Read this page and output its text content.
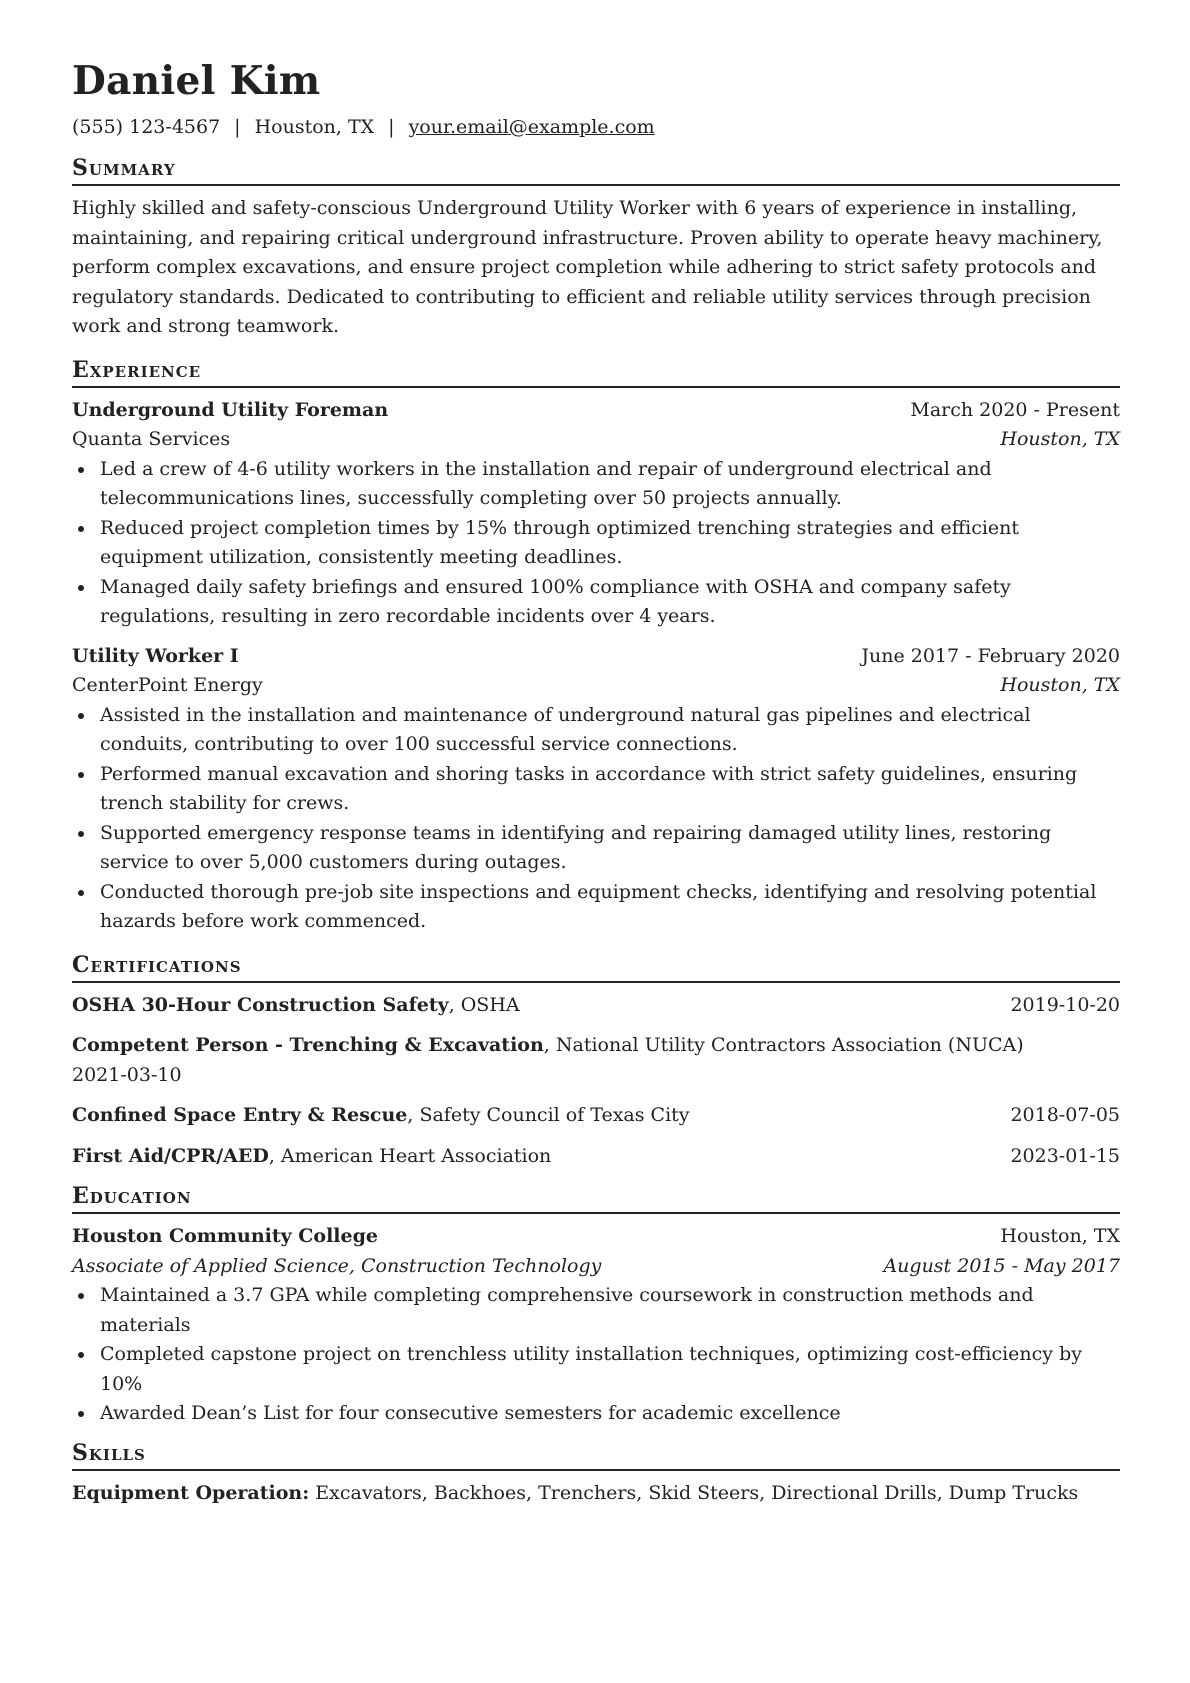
Daniel Kim
(555) 123-4567 | Houston, TX | your.email@example.com
Summary
Highly skilled and safety-conscious Underground Utility Worker with 6 years of experience in installing, maintaining, and repairing critical underground infrastructure. Proven ability to operate heavy machinery, perform complex excavations, and ensure project completion while adhering to strict safety protocols and regulatory standards. Dedicated to contributing to efficient and reliable utility services through precision work and strong teamwork.
Experience
Underground Utility Foreman	March 2020 - Present
Quanta Services	Houston, TX
Led a crew of 4-6 utility workers in the installation and repair of underground electrical and telecommunications lines, successfully completing over 50 projects annually.
Reduced project completion times by 15% through optimized trenching strategies and efficient equipment utilization, consistently meeting deadlines.
Managed daily safety briefings and ensured 100% compliance with OSHA and company safety regulations, resulting in zero recordable incidents over 4 years.
Utility Worker I	June 2017 - February 2020
CenterPoint Energy	Houston, TX
Assisted in the installation and maintenance of underground natural gas pipelines and electrical conduits, contributing to over 100 successful service connections.
Performed manual excavation and shoring tasks in accordance with strict safety guidelines, ensuring trench stability for crews.
Supported emergency response teams in identifying and repairing damaged utility lines, restoring service to over 5,000 customers during outages.
Conducted thorough pre-job site inspections and equipment checks, identifying and resolving potential hazards before work commenced.
Certifications
OSHA 30-Hour Construction Safety, OSHA	2019-10-20
Competent Person - Trenching & Excavation, National Utility Contractors Association (NUCA)
2021-03-10
Confined Space Entry & Rescue, Safety Council of Texas City	2018-07-05
First Aid/CPR/AED, American Heart Association	2023-01-15
Education
Houston Community College	Houston, TX
Associate of Applied Science, Construction Technology	August 2015 - May 2017
Maintained a 3.7 GPA while completing comprehensive coursework in construction methods and materials
Completed capstone project on trenchless utility installation techniques, optimizing cost-efficiency by 10%
Awarded Dean’s List for four consecutive semesters for academic excellence
Skills
Equipment Operation: Excavators, Backhoes, Trenchers, Skid Steers, Directional Drills, Dump Trucks
